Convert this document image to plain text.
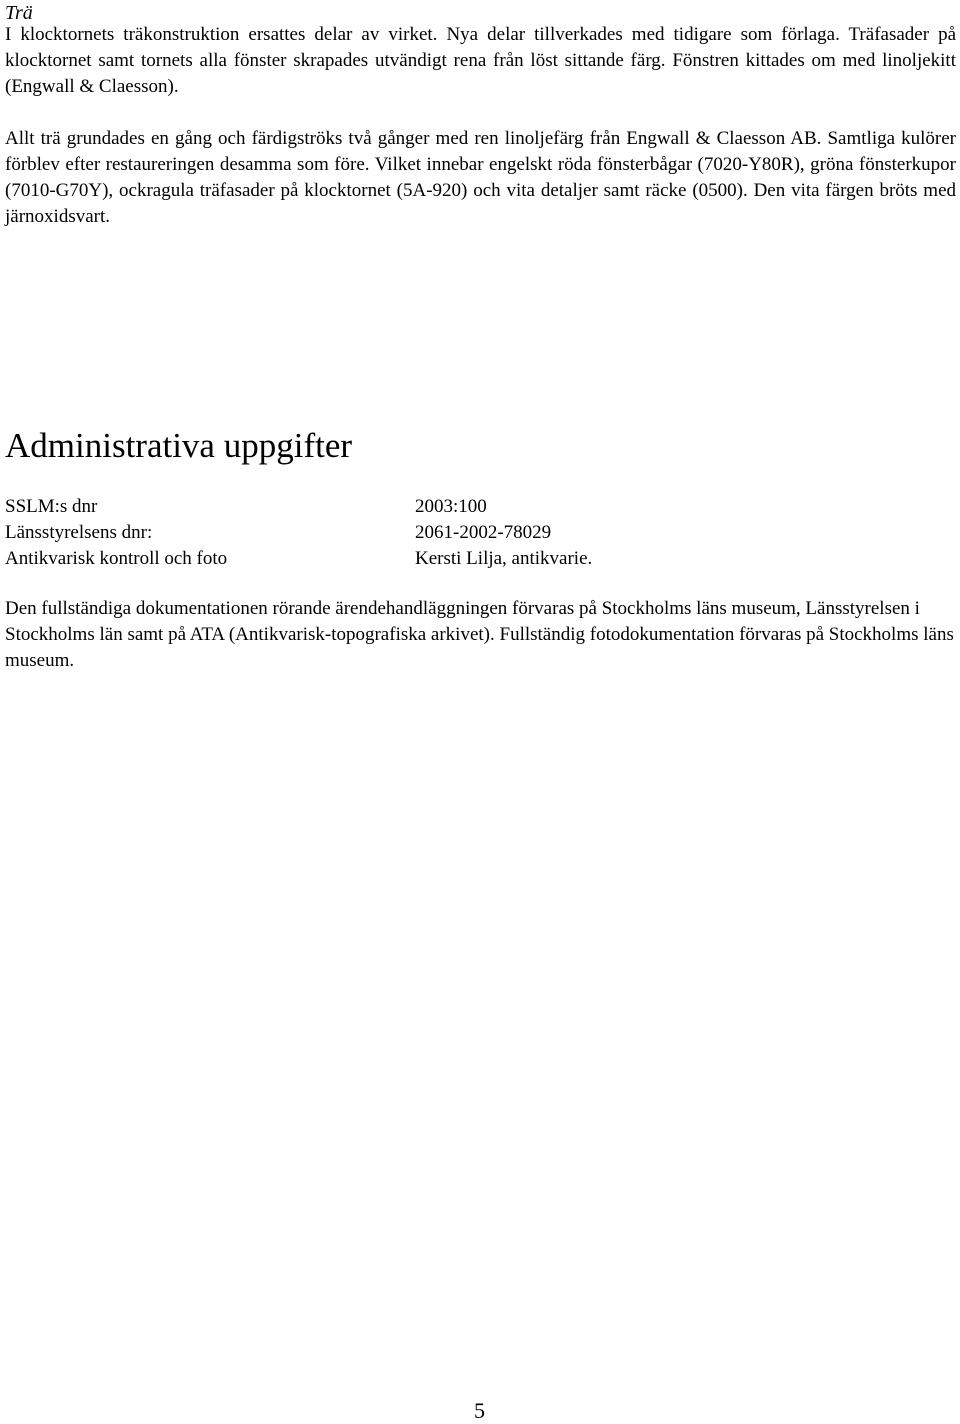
Trä

I klocktornets träkonstruktion ersattes delar av virket. Nya delar tillverkades med tidigare som förlaga. Träfasader på klocktornet samt tornets alla fönster skrapades utvändigt rena från löst sittande färg. Fönstren kittades om med linoljekitt (Engwall & Claesson).

Allt trä grundades en gång och färdigströks två gånger med ren linoljefärg från Engwall & Claesson AB. Samtliga kulörer förblev efter restaureringen desamma som före. Vilket innebar engelskt röda fönsterbågar (7020-Y80R), gröna fönsterkupor (7010-G70Y), ockragula träfasader på klocktornet (5A-920) och vita detaljer samt räcke (0500). Den vita färgen bröts med järnoxidsvart.

Administrativa uppgifter
SSLM:s dnr	2003:100
Länsstyrelsens dnr:	2061-2002-78029
Antikvarisk kontroll och foto	Kersti Lilja, antikvarie.

Den fullständiga dokumentationen rörande ärendehandläggningen förvaras på Stockholms läns museum, Länsstyrelsen i Stockholms län samt på ATA (Antikvarisk-topografiska arkivet). Fullständig fotodokumentation förvaras på Stockholms läns museum.

5
